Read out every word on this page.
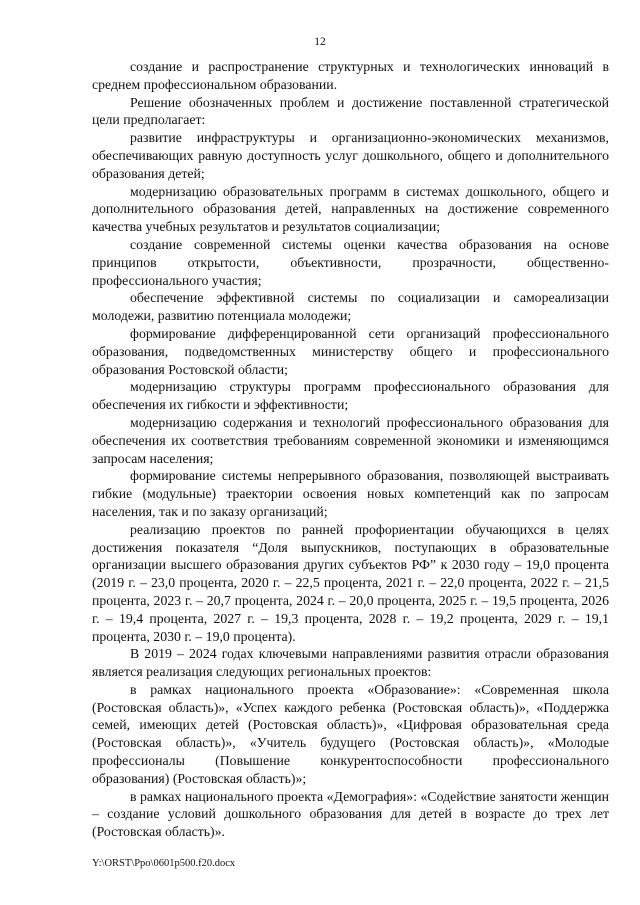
12

создание и распространение структурных и технологических инноваций в среднем профессиональном образовании.

Решение обозначенных проблем и достижение поставленной стратегической цели предполагает:

развитие инфраструктуры и организационно-экономических механизмов, обеспечивающих равную доступность услуг дошкольного, общего и дополнительного образования детей;

модернизацию образовательных программ в системах дошкольного, общего и дополнительного образования детей, направленных на достижение современного качества учебных результатов и результатов социализации;

создание современной системы оценки качества образования на основе принципов открытости, объективности, прозрачности, общественно-профессионального участия;

обеспечение эффективной системы по социализации и самореализации молодежи, развитию потенциала молодежи;

формирование дифференцированной сети организаций профессионального образования, подведомственных министерству общего и профессионального образования Ростовской области;

модернизацию структуры программ профессионального образования для обеспечения их гибкости и эффективности;

модернизацию содержания и технологий профессионального образования для обеспечения их соответствия требованиям современной экономики и изменяющимся запросам населения;

формирование системы непрерывного образования, позволяющей выстраивать гибкие (модульные) траектории освоения новых компетенций как по запросам населения, так и по заказу организаций;

реализацию проектов по ранней профориентации обучающихся в целях достижения показателя “Доля выпускников, поступающих в образовательные организации высшего образования других субъектов РФ” к 2030 году – 19,0 процента (2019 г. – 23,0 процента, 2020 г. – 22,5 процента, 2021 г. – 22,0 процента, 2022 г. – 21,5 процента, 2023 г. – 20,7 процента, 2024 г. – 20,0 процента, 2025 г. – 19,5 процента, 2026 г. – 19,4 процента, 2027 г. – 19,3 процента, 2028 г. – 19,2 процента, 2029 г. – 19,1 процента, 2030 г. – 19,0 процента).

В 2019 – 2024 годах ключевыми направлениями развития отрасли образования является реализация следующих региональных проектов:

в рамках национального проекта «Образование»: «Современная школа (Ростовская область)», «Успех каждого ребенка (Ростовская область)», «Поддержка семей, имеющих детей (Ростовская область)», «Цифровая образовательная среда (Ростовская область)», «Учитель будущего (Ростовская область)», «Молодые профессионалы (Повышение конкурентоспособности профессионального образования) (Ростовская область)»;

в рамках национального проекта «Демография»: «Содействие занятости женщин – создание условий дошкольного образования для детей в возрасте до трех лет (Ростовская область)».

Y:\ORST\Ppo\0601p500.f20.docx
